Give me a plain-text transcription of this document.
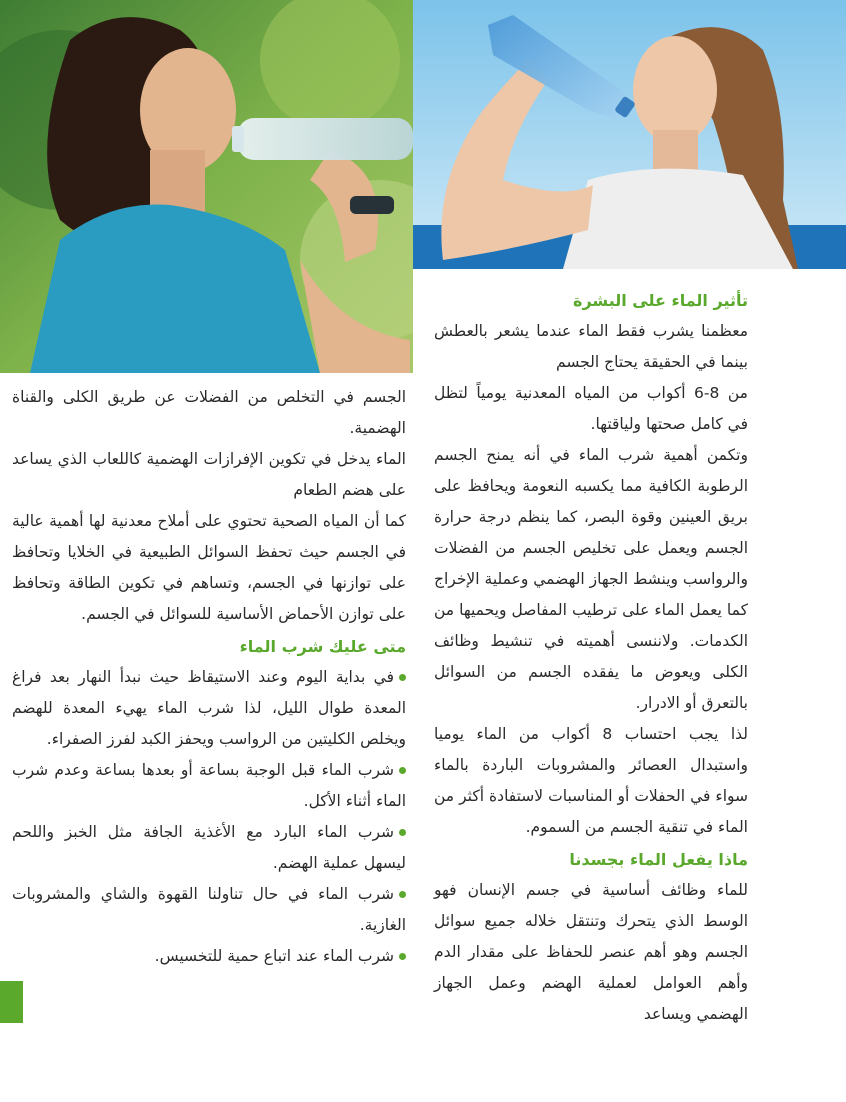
تأثير الماء على البشرة

معظمنا يشرب فقط الماء عندما يشعر بالعطش بينما في الحقيقة يحتاج الجسم

من 8-6 أكواب من المياه المعدنية يومياً لتظل في كامل صحتها ولياقتها.

وتكمن أهمية شرب الماء في أنه يمنح الجسم الرطوبة الكافية مما يكسبه النعومة ويحافظ على بريق العينين وقوة البصر، كما ينظم درجة حرارة الجسم ويعمل على تخليص الجسم من الفضلات والرواسب وينشط الجهاز الهضمي وعملية الإخراج كما يعمل الماء على ترطيب المفاصل ويحميها من الكدمات. ولاننسى أهميته في تنشيط وظائف الكلى ويعوض ما يفقده الجسم من السوائل بالتعرق أو الادرار.

لذا يجب احتساب 8 أكواب من الماء يوميا واستبدال العصائر والمشروبات الباردة بالماء سواء في الحفلات أو المناسبات لاستفادة أكثر من الماء في تنقية الجسم من السموم.

ماذا يفعل الماء بجسدنا

للماء وظائف أساسية في جسم الإنسان فهو الوسط الذي يتحرك وتنتقل خلاله جميع سوائل الجسم وهو أهم عنصر للحفاظ على مقدار الدم وأهم العوامل لعملية الهضم وعمل الجهاز الهضمي ويساعد

الجسم في التخلص من الفضلات عن طريق الكلى والقناة الهضمية.

الماء يدخل في تكوين الإفرازات الهضمية كاللعاب الذي يساعد على هضم الطعام

كما أن المياه الصحية تحتوي على أملاح معدنية لها أهمية عالية في الجسم حيث تحفظ السوائل الطبيعية في الخلايا وتحافظ على توازنها في الجسم، وتساهم في تكوين الطاقة وتحافظ على توازن الأحماض الأساسية للسوائل في الجسم.

متى عليك شرب الماء
في بداية اليوم وعند الاستيقاظ حيث نبدأ النهار بعد فراغ المعدة طوال الليل، لذا شرب الماء يهيء المعدة للهضم ويخلص الكليتين من الرواسب ويحفز الكبد لفرز الصفراء.
شرب الماء قبل الوجبة بساعة أو بعدها بساعة وعدم شرب الماء أثناء الأكل.
شرب الماء البارد مع الأغذية الجافة مثل الخبز واللحم ليسهل عملية الهضم.
شرب الماء في حال تناولنا القهوة والشاي والمشروبات الغازية.
شرب الماء عند اتباع حمية للتخسيس.
